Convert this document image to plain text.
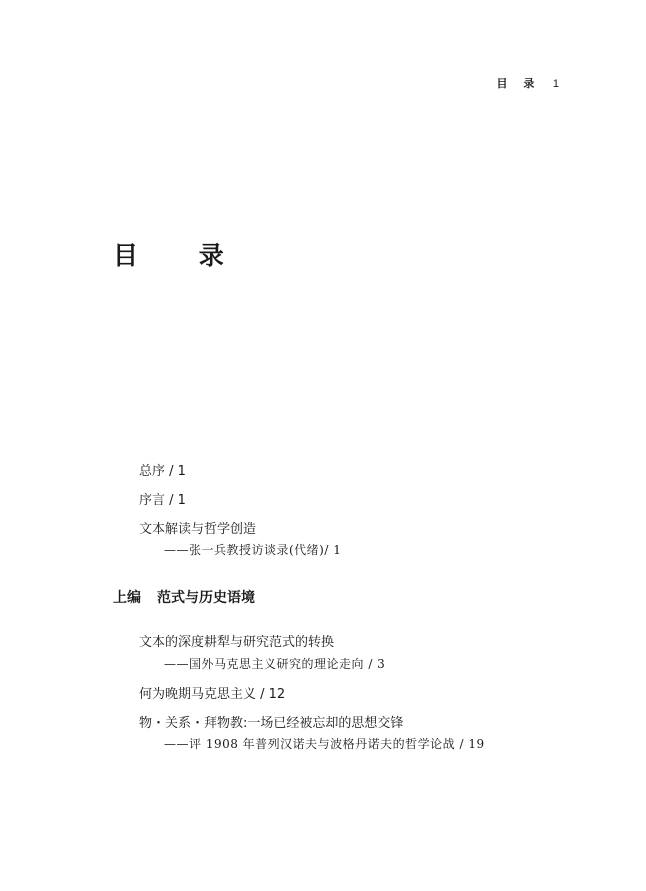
目 录 1
目 录
总序 / 1
序言 / 1
文本解读与哲学创造
——张一兵教授访谈录(代绪)/ 1
上编 范式与历史语境
文本的深度耕犁与研究范式的转换
——国外马克思主义研究的理论走向 / 3
何为晚期马克思主义 / 12
物・关系・拜物教:一场已经被忘却的思想交锋
——评 1908 年普列汉诺夫与波格丹诺夫的哲学论战 / 19
